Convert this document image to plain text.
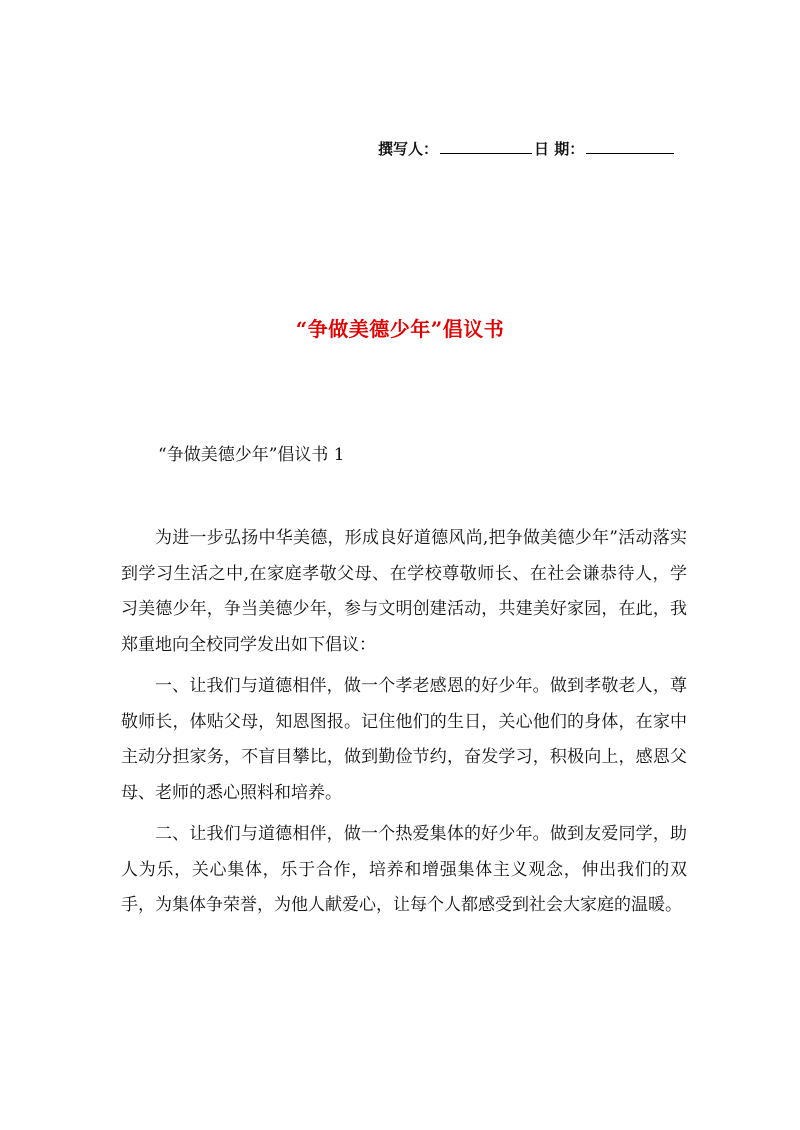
撰写人：	日 期：
“争做美德少年”倡议书
“争做美德少年”倡议书 1

为进一步弘扬中华美德，形成良好道德风尚,把争做美德少年”活动落实到学习生活之中,在家庭孝敬父母、在学校尊敬师长、在社会谦恭待人，学习美德少年，争当美德少年，参与文明创建活动，共建美好家园，在此，我郑重地向全校同学发出如下倡议：

一、让我们与道德相伴，做一个孝老感恩的好少年。做到孝敬老人，尊敬师长，体贴父母，知恩图报。记住他们的生日，关心他们的身体，在家中主动分担家务，不盲目攀比，做到勤俭节约，奋发学习，积极向上，感恩父母、老师的悉心照料和培养。

二、让我们与道德相伴，做一个热爱集体的好少年。做到友爱同学，助人为乐，关心集体，乐于合作，培养和增强集体主义观念，伸出我们的双手，为集体争荣誉，为他人献爱心，让每个人都感受到社会大家庭的温暖。
